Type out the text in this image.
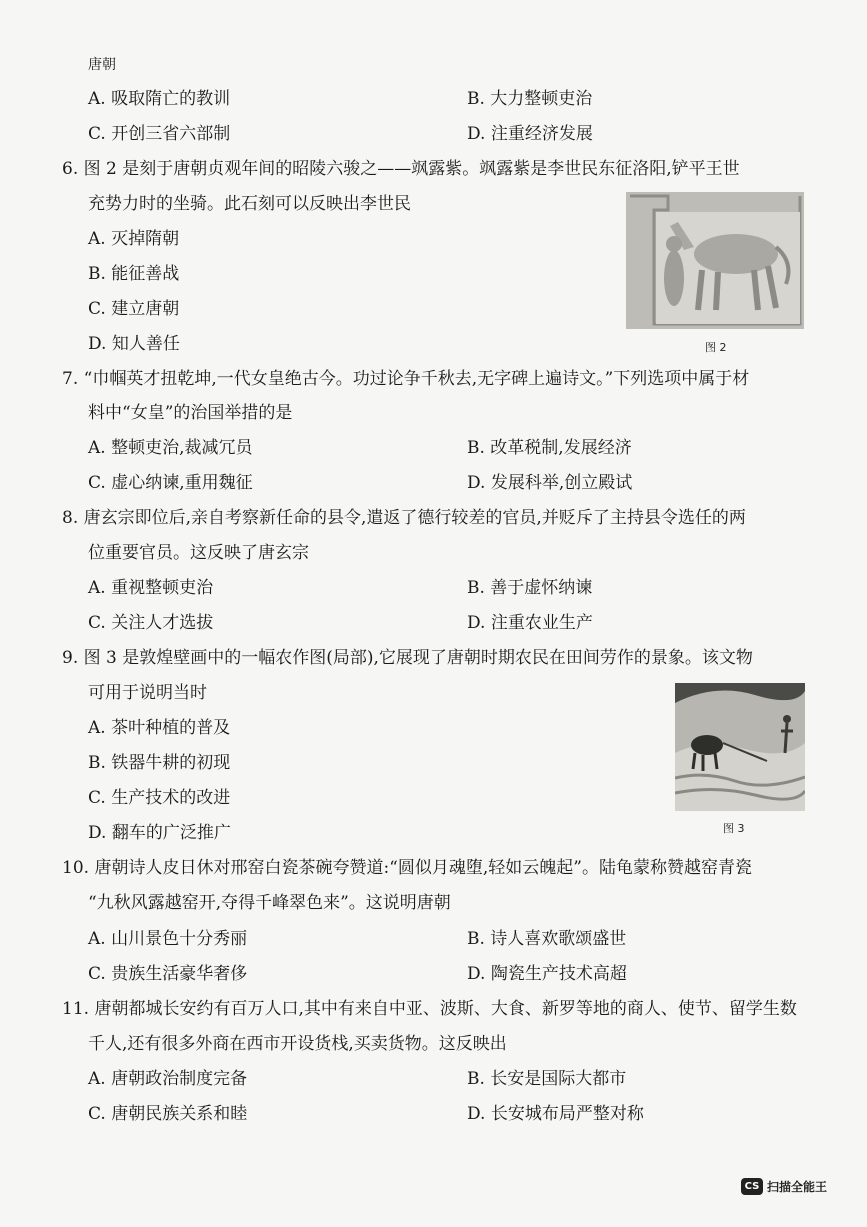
唐朝
A. 吸取隋亡的教训	B. 大力整顿吏治
C. 开创三省六部制	D. 注重经济发展
6. 图 2 是刻于唐朝贞观年间的昭陵六骏之——飒露紫。飒露紫是李世民东征洛阳,铲平王世
充势力时的坐骑。此石刻可以反映出李世民
A. 灭掉隋朝
B. 能征善战
C. 建立唐朝
D. 知人善任	图 2
7. “巾帼英才扭乾坤,一代女皇绝古今。功过论争千秋去,无字碑上遍诗文。”下列选项中属于材
料中“女皇”的治国举措的是
A. 整顿吏治,裁减冗员	B. 改革税制,发展经济
C. 虚心纳谏,重用魏征	D. 发展科举,创立殿试
8. 唐玄宗即位后,亲自考察新任命的县令,遣返了德行较差的官员,并贬斥了主持县令选任的两
位重要官员。这反映了唐玄宗
A. 重视整顿吏治	B. 善于虚怀纳谏
C. 关注人才选拔	D. 注重农业生产
9. 图 3 是敦煌壁画中的一幅农作图(局部),它展现了唐朝时期农民在田间劳作的景象。该文物
可用于说明当时
A. 茶叶种植的普及
B. 铁器牛耕的初现
C. 生产技术的改进
D. 翻车的广泛推广	图 3
10. 唐朝诗人皮日休对邢窑白瓷茶碗夸赞道:“圆似月魂堕,轻如云魄起”。陆龟蒙称赞越窑青瓷
“九秋风露越窑开,夺得千峰翠色来”。这说明唐朝
A. 山川景色十分秀丽	B. 诗人喜欢歌颂盛世
C. 贵族生活豪华奢侈	D. 陶瓷生产技术高超
11. 唐朝都城长安约有百万人口,其中有来自中亚、波斯、大食、新罗等地的商人、使节、留学生数
千人,还有很多外商在西市开设货栈,买卖货物。这反映出
A. 唐朝政治制度完备	B. 长安是国际大都市
C. 唐朝民族关系和睦	D. 长安城布局严整对称
CS 扫描全能王
